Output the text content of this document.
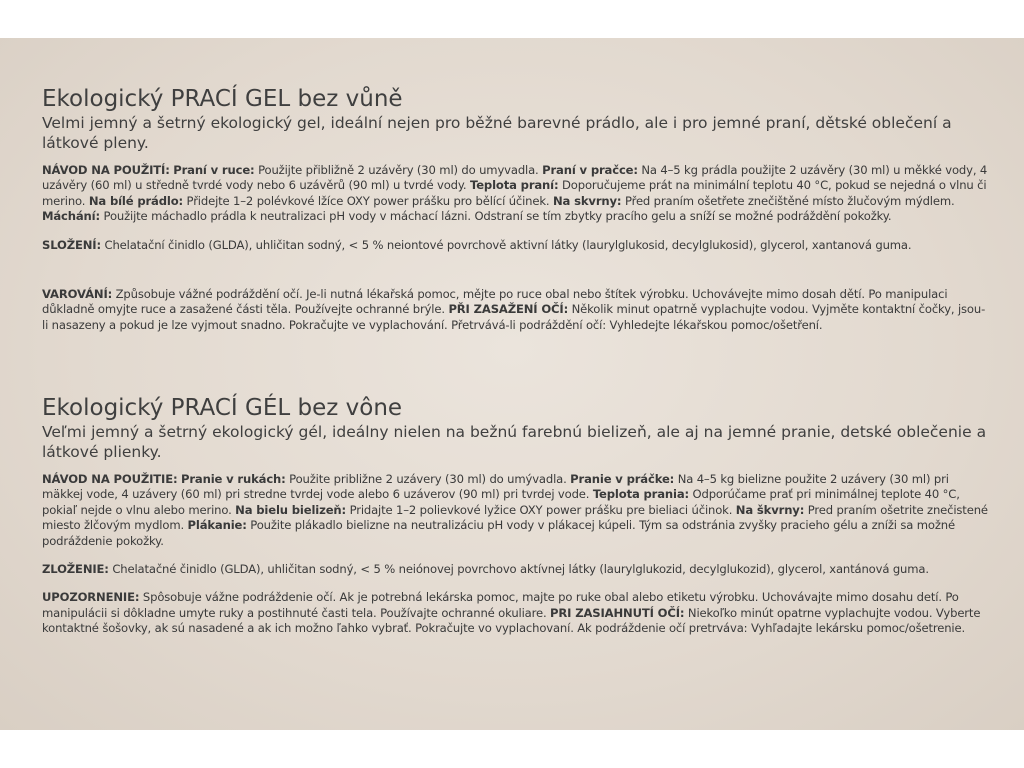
Ekologický PRACÍ GEL bez vůně

Velmi jemný a šetrný ekologický gel, ideální nejen pro běžné barevné prádlo, ale i pro jemné praní, dětské oblečení a látkové pleny.

NÁVOD NA POUŽITÍ: Praní v ruce: Použijte přibližně 2 uzávěry (30 ml) do umyvadla. Praní v pračce: Na 4–5 kg prádla použijte 2 uzávěry (30 ml) u měkké vody, 4 uzávěry (60 ml) u středně tvrdé vody nebo 6 uzávěrů (90 ml) u tvrdé vody. Teplota praní: Doporučujeme prát na minimální teplotu 40 °C, pokud se nejedná o vlnu či merino. Na bílé prádlo: Přidejte 1–2 polévkové lžíce OXY power prášku pro bělící účinek. Na skvrny: Před praním ošetřete znečištěné místo žlučovým mýdlem. Máchání: Použijte máchadlo prádla k neutralizaci pH vody v máchací lázni. Odstraní se tím zbytky pracího gelu a sníží se možné podráždění pokožky.

SLOŽENÍ: Chelatační činidlo (GLDA), uhličitan sodný, < 5 % neiontové povrchově aktivní látky (laurylglukosid, decylglukosid), glycerol, xantanová guma.

VAROVÁNÍ: Způsobuje vážné podráždění očí. Je-li nutná lékařská pomoc, mějte po ruce obal nebo štítek výrobku. Uchovávejte mimo dosah dětí. Po manipulaci důkladně omyjte ruce a zasažené části těla. Používejte ochranné brýle. PŘI ZASAŽENÍ OČÍ: Několik minut opatrně vyplachujte vodou. Vyjměte kontaktní čočky, jsou-li nasazeny a pokud je lze vyjmout snadno. Pokračujte ve vyplachování. Přetrvává-li podráždění očí: Vyhledejte lékařskou pomoc/ošetření.

Ekologický PRACÍ GÉL bez vône

Veľmi jemný a šetrný ekologický gél, ideálny nielen na bežnú farebnú bielizeň, ale aj na jemné pranie, detské oblečenie a látkové plienky.

NÁVOD NA POUŽITIE: Pranie v rukách: Použite približne 2 uzávery (30 ml) do umývadla. Pranie v práčke: Na 4–5 kg bielizne použite 2 uzávery (30 ml) pri mäkkej vode, 4 uzávery (60 ml) pri stredne tvrdej vode alebo 6 uzáverov (90 ml) pri tvrdej vode. Teplota prania: Odporúčame prať pri minimálnej teplote 40 °C, pokiaľ nejde o vlnu alebo merino. Na bielu bielizeň: Pridajte 1–2 polievkové lyžice OXY power prášku pre bieliaci účinok. Na škvrny: Pred praním ošetrite znečistené miesto žlčovým mydlom. Plákanie: Použite plákadlo bielizne na neutralizáciu pH vody v plákacej kúpeli. Tým sa odstránia zvyšky pracieho gélu a zníži sa možné podráždenie pokožky.

ZLOŽENIE: Chelatačné činidlo (GLDA), uhličitan sodný, < 5 % neiónovej povrchovo aktívnej látky (laurylglukozid, decylglukozid), glycerol, xantánová guma.

UPOZORNENIE: Spôsobuje vážne podráždenie očí. Ak je potrebná lekárska pomoc, majte po ruke obal alebo etiketu výrobku. Uchovávajte mimo dosahu detí. Po manipulácii si dôkladne umyte ruky a postihnuté časti tela. Používajte ochranné okuliare. PRI ZASIAHNUTÍ OČÍ: Niekoľko minút opatrne vyplachujte vodou. Vyberte kontaktné šošovky, ak sú nasadené a ak ich možno ľahko vybrať. Pokračujte vo vyplachovaní. Ak podráždenie očí pretrváva: Vyhľadajte lekársku pomoc/ošetrenie.
